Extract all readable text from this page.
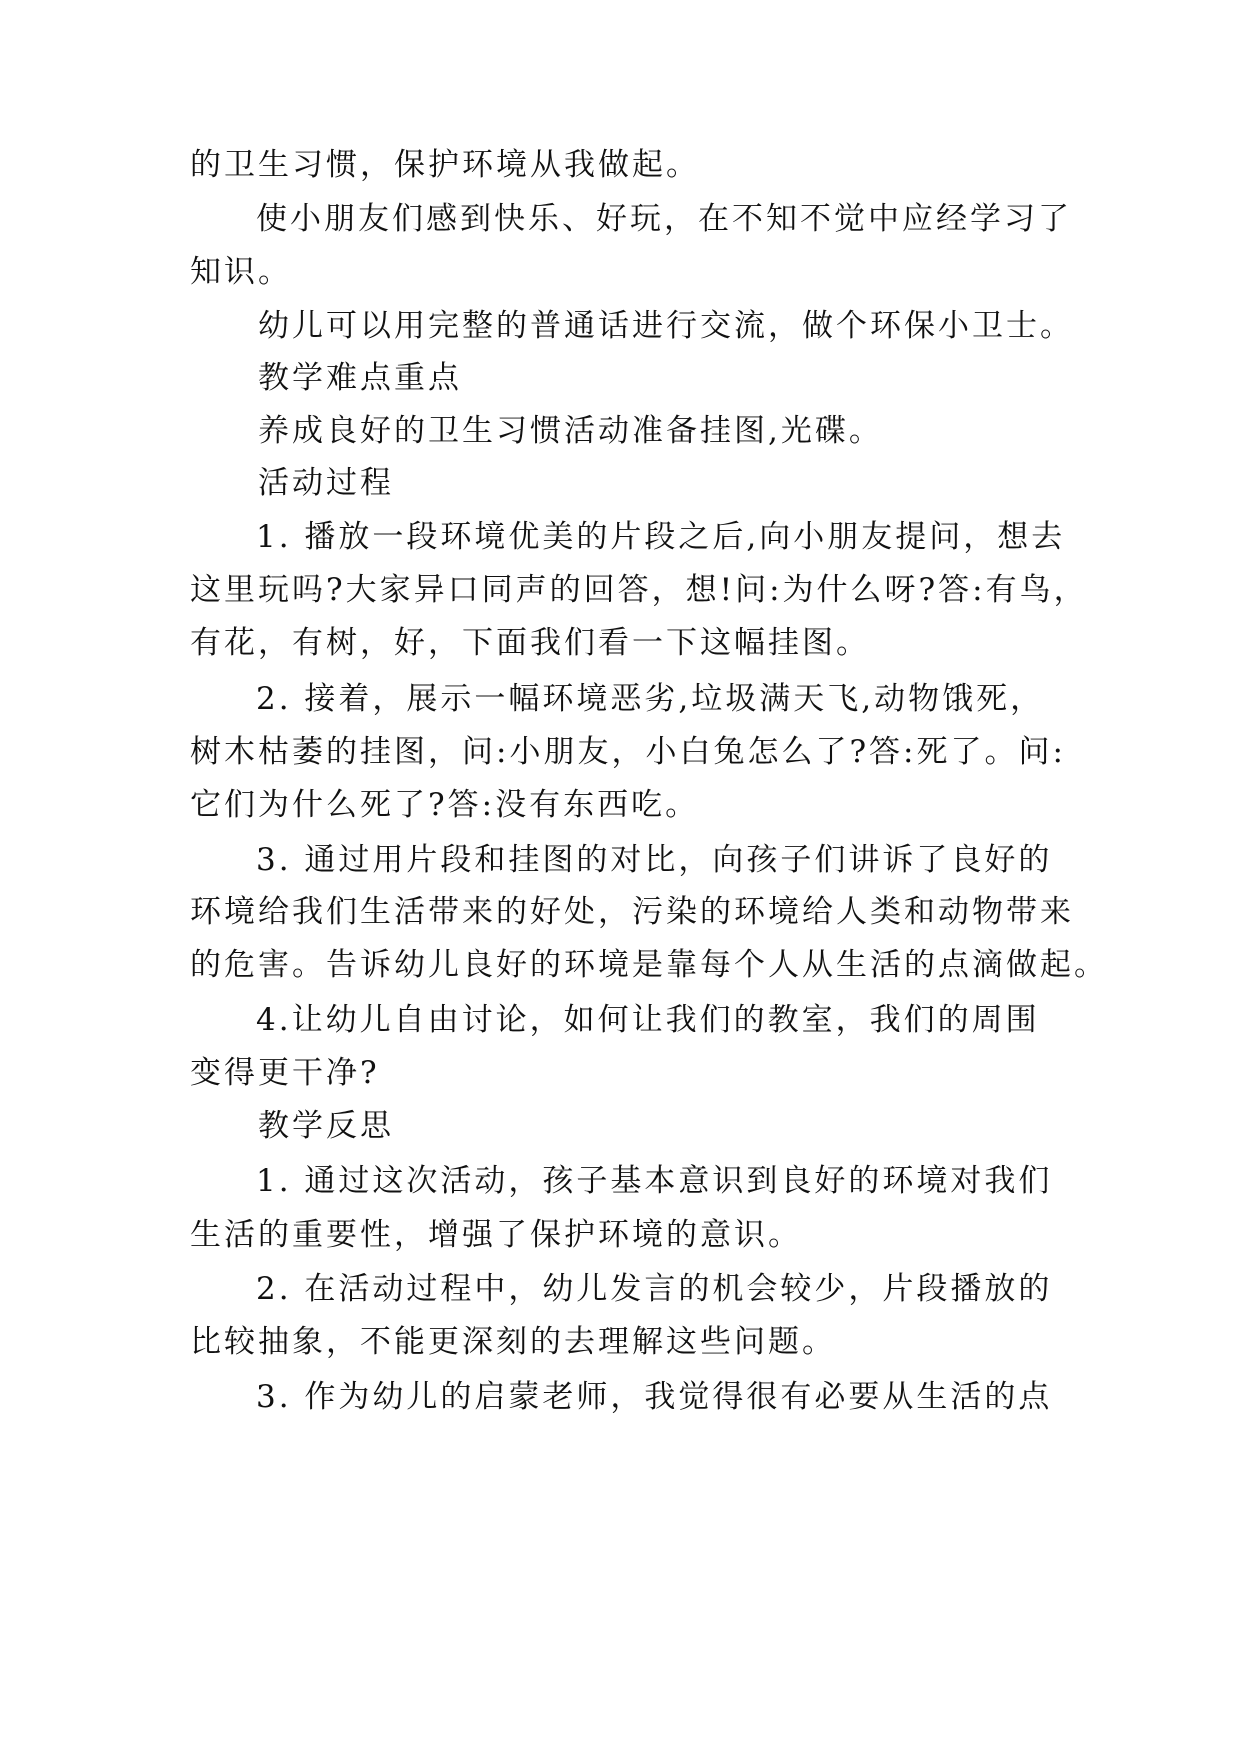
的卫生习惯，保护环境从我做起。
使小朋友们感到快乐、好玩，在不知不觉中应经学习了
知识。
幼儿可以用完整的普通话进行交流，做个环保小卫士。
教学难点重点
养成良好的卫生习惯活动准备挂图,光碟。
活动过程
1. 播放一段环境优美的片段之后,向小朋友提问，想去
这里玩吗?大家异口同声的回答，想!问:为什么呀?答:有鸟，
有花，有树，好，下面我们看一下这幅挂图。
2. 接着，展示一幅环境恶劣,垃圾满天飞,动物饿死，
树木枯萎的挂图，问:小朋友，小白兔怎么了?答:死了。问:
它们为什么死了?答:没有东西吃。
3. 通过用片段和挂图的对比，向孩子们讲诉了良好的
环境给我们生活带来的好处，污染的环境给人类和动物带来
的危害。告诉幼儿良好的环境是靠每个人从生活的点滴做起。
4.让幼儿自由讨论，如何让我们的教室，我们的周围
变得更干净?
教学反思
1. 通过这次活动，孩子基本意识到良好的环境对我们
生活的重要性，增强了保护环境的意识。
2. 在活动过程中，幼儿发言的机会较少，片段播放的
比较抽象，不能更深刻的去理解这些问题。
3. 作为幼儿的启蒙老师，我觉得很有必要从生活的点
